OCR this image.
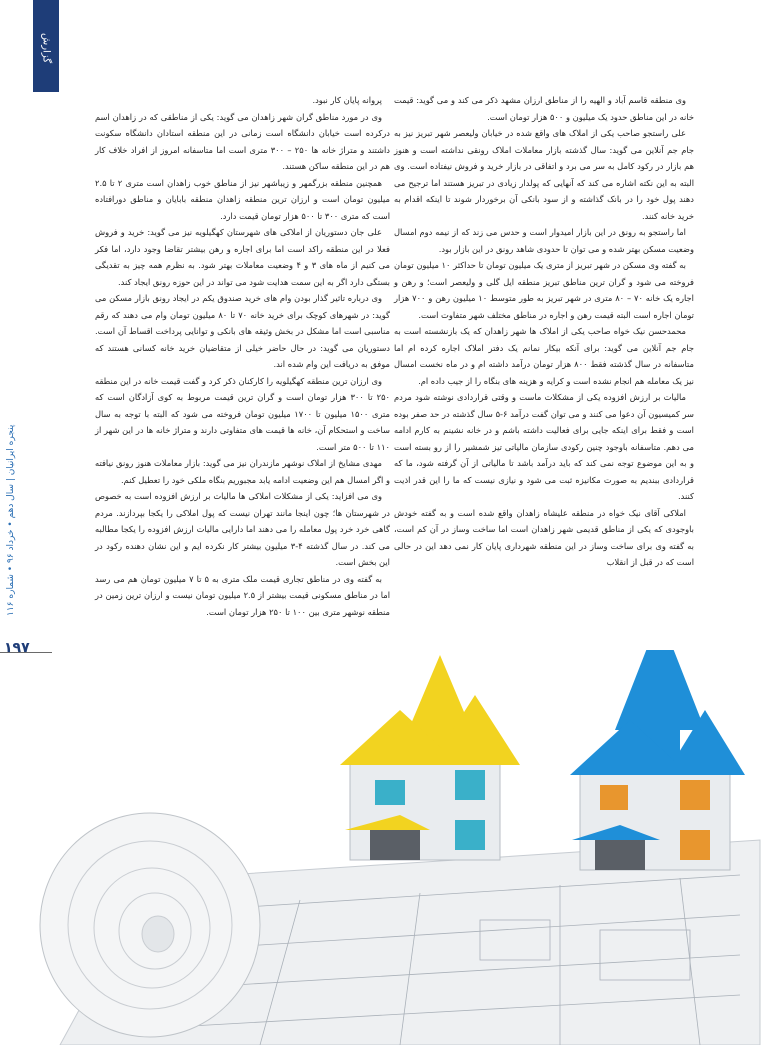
گزارش
پنجره ایرانیان | سال دهم • خرداد ۹۶ • شماره ۱۱۶
۱۹۷

وی منطقه قاسم آباد و الهیه را از مناطق ارزان مشهد ذکر می کند و می گوید: قیمت خانه در این مناطق حدود یک میلیون و ۵۰۰ هزار تومان است.

علی راستجو صاحب یکی از املاک های واقع شده در خیابان ولیعصر شهر تبریز نیز به جام جم آنلاین می گوید: سال گذشته بازار معاملات املاک رونقی نداشته است و هنوز هم بازار در رکود کامل به سر می برد و اتفاقی در بازار خرید و فروش نیفتاده است. وی البته به این نکته اشاره می کند که آنهایی که پولدار زیادی در تبریز هستند اما ترجیح می دهند پول خود را در بانک گذاشته و از سود بانکی آن برخوردار شوند تا اینکه اقدام به خرید خانه کنند.

اما راستجو به رونق در این بازار امیدوار است و حدس می زند که از نیمه دوم امسال وضعیت مسکن بهتر شده و می توان تا حدودی شاهد رونق در این بازار بود.

به گفته وی مسکن در شهر تبریز از متری یک میلیون تومان تا حداکثر ۱۰ میلیون تومان فروخته می شود و گران ترین مناطق تبریز منطقه ایل گلی و ولیعصر است؛ و رهن و اجاره یک خانه ۷۰ – ۸۰ متری در شهر تبریز به طور متوسط ۱۰ میلیون رهن و ۷۰۰ هزار تومان اجاره است البته قیمت رهن و اجاره در مناطق مختلف شهر متفاوت است.

محمدحسن نیک خواه صاحب یکی از املاک ها شهر زاهدان که یک بازنشسته است به جام جم آنلاین می گوید: برای آنکه بیکار نمانم یک دفتر املاک اجاره کرده ام اما متاسفانه در سال گذشته فقط ۸۰۰ هزار تومان درآمد داشته ام و در ماه نخست امسال نیز یک معامله هم انجام نشده است و کرایه و هزینه های بنگاه را از جیب داده ام.

مالیات بر ارزش افزوده یکی از مشکلات ماست و وقتی قراردادی نوشته شود مردم سر کمیسیون آن دعوا می کنند و می توان گفت درآمد ۶-۵ سال گذشته در حد صفر بوده است و فقط برای اینکه جایی برای فعالیت داشته باشم و در خانه نشینم به کارم ادامه می دهم. متاسفانه باوجود چنین رکودی سازمان مالیاتی تیز شمشیر را از رو بسته است و به این موضوع توجه نمی کند که باید درآمد باشد تا مالیاتی از آن گرفته شود، ما که قراردادی ببندیم به صورت مکانیزه ثبت می شود و نیازی نیست که ما را این قدر اذیت کنند.

املاکی آقای نیک خواه در منطقه علیشاه زاهدان واقع شده است و به گفته خودش باوجودی که یکی از مناطق قدیمی شهر زاهدان است اما ساخت وساز در آن کم است، به گفته وی برای ساخت وساز در این منطقه شهرداری پایان کار نمی دهد این در حالی است که در قبل از انقلاب

پروانه پایان کار نبود.

وی در مورد مناطق گران شهر زاهدان می گوید: یکی از مناطقی که در زاهدان اسم درکرده است خیابان دانشگاه است زمانی در این منطقه استادان دانشگاه سکونت داشتند و متراژ خانه ها ۲۵۰ – ۳۰۰ متری است اما متاسفانه امروز از افراد خلاف کار هم در این منطقه ساکن هستند.

همچنین منطقه بزرگمهر و زیباشهر نیز از مناطق خوب زاهدان است متری ۲ تا ۲.۵ میلیون تومان است و ارزان ترین منطقه زاهدان منطقه بابایان و مناطق دورافتاده است که متری ۳۰۰ تا ۵۰۰ هزار تومان قیمت دارد.

علی جان دستوریان از املاکی های شهرستان کهگیلویه نیز می گوید: خرید و فروش فعلا در این منطقه راکد است اما برای اجاره و رهن بیشتر تقاضا وجود دارد، اما فکر می کنیم از ماه های ۳ و ۴ وضعیت معاملات بهتر شود. به نظرم همه چیز به تقدیگی بستگی دارد اگر به این سمت هدایت شود می تواند در این حوزه رونق ایجاد کند.

وی درباره تاثیر گذار بودن وام های خرید صندوق یکم در ایجاد رونق بازار مسکن می گوید: در شهرهای کوچک برای خرید خانه ۷۰ تا ۸۰ میلیون تومان وام می دهند که رقم مناسبی است اما مشکل در بخش وثیقه های بانکی و توانایی پرداخت اقساط آن است. دستوریان می گوید: در حال حاضر خیلی از متقاضیان خرید خانه کسانی هستند که موفق به دریافت این وام شده اند.

وی ارزان ترین منطقه کهگیلویه را کارکنان ذکر کرد و گفت قیمت خانه در این منطقه ۲۵۰ تا ۳۰۰ هزار تومان است و گران ترین قیمت مربوط به کوی آزادگان است که متری ۱۵۰۰ میلیون تا ۱۷۰۰ میلیون تومان فروخته می شود که البته با توجه به سال ساخت و استحکام آن، خانه ها قیمت های متفاوتی دارند و متراژ خانه ها در این شهر از ۱۱۰ تا ۵۰۰ متر است.

مهدی مشایخ از املاک نوشهر مازندران نیز می گوید: بازار معاملات هنوز رونق نیافته و اگر امسال هم این وضعیت ادامه یابد مجبوریم بنگاه ملکی خود را تعطیل کنم.

وی می افزاید: یکی از مشکلات املاکی ها مالیات بر ارزش افزوده است به خصوص در شهرستان ها؛ چون اینجا مانند تهران نیست که پول املاکی را یکجا بپردازند. مردم گاهی خرد خرد پول معامله را می دهند اما دارایی مالیات ارزش افزوده را یکجا مطالبه می کند. در سال گذشته ۴-۳ میلیون بیشتر کار نکرده ایم و این نشان دهنده رکود در این بخش است.

به گفته وی در مناطق تجاری قیمت ملک متری به ۵ تا ۷ میلیون تومان هم می رسد اما در مناطق مسکونی قیمت بیشتر از ۲.۵ میلیون تومان نیست و ارزان ترین زمین در منطقه نوشهر متری بین ۱۰۰ تا ۲۵۰ هزار تومان است.
